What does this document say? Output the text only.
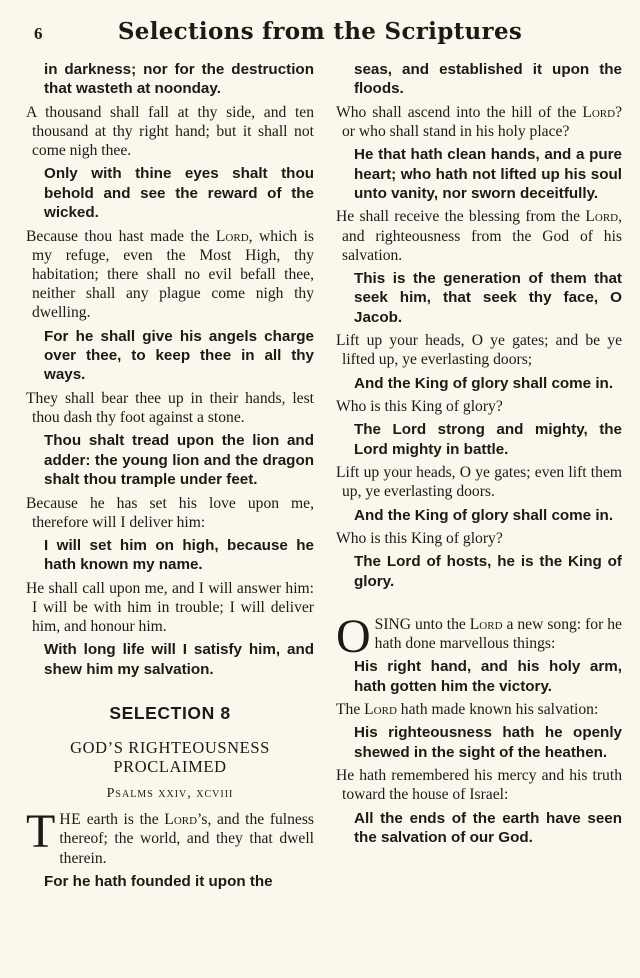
6	Selections from the Scriptures

in darkness; nor for the destruction that wasteth at noonday.

A thousand shall fall at thy side, and ten thousand at thy right hand; but it shall not come nigh thee.

Only with thine eyes shalt thou behold and see the reward of the wicked.

Because thou hast made the Lord, which is my refuge, even the Most High, thy habitation; there shall no evil befall thee, neither shall any plague come nigh thy dwelling.

For he shall give his angels charge over thee, to keep thee in all thy ways.

They shall bear thee up in their hands, lest thou dash thy foot against a stone.

Thou shalt tread upon the lion and adder: the young lion and the dragon shalt thou trample under feet.

Because he has set his love upon me, therefore will I deliver him:

I will set him on high, because he hath known my name.

He shall call upon me, and I will answer him: I will be with him in trouble; I will deliver him, and honour him.

With long life will I satisfy him, and shew him my salvation.

SELECTION 8
GOD’S RIGHTEOUSNESS
PROCLAIMED
Psalms xxiv, xcviii

THE earth is the Lord’s, and the fulness thereof; the world, and they that dwell therein.

For he hath founded it upon the

seas, and established it upon the floods.

Who shall ascend into the hill of the Lord? or who shall stand in his holy place?

He that hath clean hands, and a pure heart; who hath not lifted up his soul unto vanity, nor sworn deceitfully.

He shall receive the blessing from the Lord, and righteousness from the God of his salvation.

This is the generation of them that seek him, that seek thy face, O Jacob.

Lift up your heads, O ye gates; and be ye lifted up, ye everlasting doors;

And the King of glory shall come in.

Who is this King of glory?

The Lord strong and mighty, the Lord mighty in battle.

Lift up your heads, O ye gates; even lift them up, ye everlasting doors.

And the King of glory shall come in.

Who is this King of glory?

The Lord of hosts, he is the King of glory.

OSING unto the Lord a new song: for he hath done marvellous things:

His right hand, and his holy arm, hath gotten him the victory.

The Lord hath made known his salvation:

His righteousness hath he openly shewed in the sight of the heathen.

He hath remembered his mercy and his truth toward the house of Israel:

All the ends of the earth have seen the salvation of our God.
